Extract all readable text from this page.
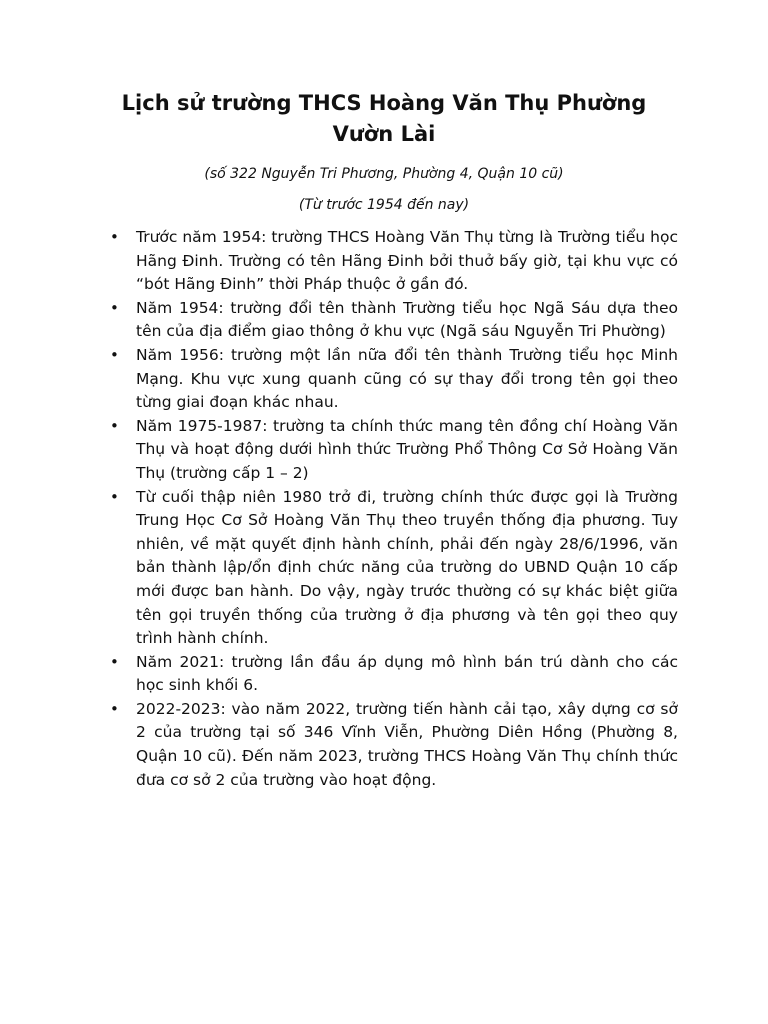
Lịch sử trường THCS Hoàng Văn Thụ Phường Vườn Lài

(số 322 Nguyễn Tri Phương, Phường 4, Quận 10 cũ)

(Từ trước 1954 đến nay)

• Trước năm 1954: trường THCS Hoàng Văn Thụ từng là Trường tiểu học Hãng Đinh. Trường có tên Hãng Đinh bởi thuở bấy giờ, tại khu vực có “bót Hãng Đinh” thời Pháp thuộc ở gần đó.
• Năm 1954: trường đổi tên thành Trường tiểu học Ngã Sáu dựa theo tên của địa điểm giao thông ở khu vực (Ngã sáu Nguyễn Tri Phường)
• Năm 1956: trường một lần nữa đổi tên thành Trường tiểu học Minh Mạng. Khu vực xung quanh cũng có sự thay đổi trong tên gọi theo từng giai đoạn khác nhau.
• Năm 1975-1987: trường ta chính thức mang tên đồng chí Hoàng Văn Thụ và hoạt động dưới hình thức Trường Phổ Thông Cơ Sở Hoàng Văn Thụ (trường cấp 1 – 2)
• Từ cuối thập niên 1980 trở đi, trường chính thức được gọi là Trường Trung Học Cơ Sở Hoàng Văn Thụ theo truyền thống địa phương. Tuy nhiên, về mặt quyết định hành chính, phải đến ngày 28/6/1996, văn bản thành lập/ổn định chức năng của trường do UBND Quận 10 cấp mới được ban hành. Do vậy, ngày trước thường có sự khác biệt giữa tên gọi truyền thống của trường ở địa phương và tên gọi theo quy trình hành chính.
• Năm 2021: trường lần đầu áp dụng mô hình bán trú dành cho các học sinh khối 6.
• 2022-2023: vào năm 2022, trường tiến hành cải tạo, xây dựng cơ sở 2 của trường tại số 346 Vĩnh Viễn, Phường Diên Hồng (Phường 8, Quận 10 cũ). Đến năm 2023, trường THCS Hoàng Văn Thụ chính thức đưa cơ sở 2 của trường vào hoạt động.
